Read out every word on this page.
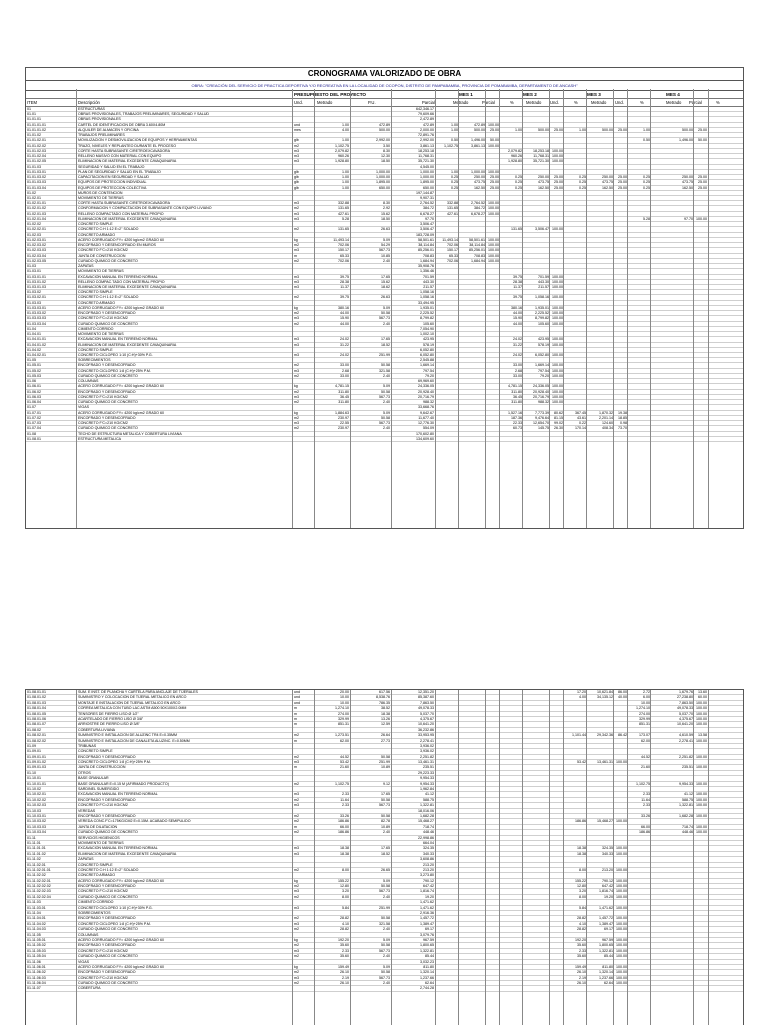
CRONOGRAMA VALORIZADO DE OBRA
OBRA: "CREACIÓN DEL SERVICIO DE PRACTICA DEPORTIVA Y/O RECREATIVA EN LA LOCALIDAD DE OCOPON, DISTRITO DE PAMPABAMBA, PROVINCIA DE POMABAMBA, DEPARTAMENTO DE ANCASH"
PRESUPUESTO DEL PROYECTO	MES 1	MES 2	MES 3	MES 4
ITEM	Descripción	Und.	Metrado	P.U.	Parcial	Metrado	Parcial	%	Metrado Und.	%	Metrado Und.	%	Metrado Parcial	%
01	ESTRUCTURAS	642,346.17
01.01	OBRAS PROVISIONALES, TRABAJOS PRELIMINARES, SEGURIDAD Y SALUD	79,609.66
01.01.01	OBRAS PROVISIONALES	2,472.89
01.01.01.01	CARTEL DE IDENTIFICACION DE OBRA 3.60X4.80M	und	1.00	472.89	472.89	1.00	472.89 100.00
01.01.01.02	ALQUILER DE ALMACEN Y OFICINA	mes	4.00	500.00	2,000.00	1.00	500.00	25.00	1.00	500.00	25.00	1.00	500.00	25.00	1.00	500.00	25.00
01.01.02	TRABAJOS PRELIMINARES	72,891.76
01.01.02.01	MOVILIZACION Y DESMOVILIZACION DE EQUIPOS Y HERRAMIENTAS	glb	1.00	2,992.00	2,992.00	0.50	1,496.00	50.00	0.50	1,496.00	50.00
01.01.02.02	TRAZO, NIVELES Y REPLANTEO DURANTE EL PROCESO	m2	1,102.75	3.50	3,861.13	1,102.75	3,861.13 100.00
01.01.02.03	CORTE HASTA SUBRASANTE C/RETROEXCAVADORA	m3	2,079.82	8.30	18,253.18	2,079.82	18,253.18 100.00
01.01.02.04	RELLENO MASIVO CON MATERIAL CON EQUIPO	m3	960.26	12.30	11,768.31	960.26	11,768.31 100.00
01.01.02.05	ELIMINACION DE MATERIAL EXCEDENTE C/MAQUINARIA	m3	1,928.80	18.50	35,721.30	1,928.80	35,721.30 100.00
01.01.03	SEGURIDAD Y SALUD EN EL TRABAJO	4,545.00
01.01.03.01	PLAN DE SEGURIDAD Y SALUD EN EL TRABAJO	glb	1.00	1,000.00	1,000.00	1.00	1,000.00 100.00
01.01.03.02	CAPACITACION EN SEGURIDAD Y SALUD	glb	1.00	1,000.00	1,000.00	0.25	250.00	25.00	0.25	250.00	25.00	0.25	250.00	25.00	0.25	250.00	25.00
01.01.03.03	EQUIPOS DE PROTECCION INDIVIDUAL	glb	1.00	1,895.00	1,895.00	0.25	473.75	25.00	0.25	473.75	25.00	0.25	473.75	25.00	0.25	473.75	25.00
01.01.03.04	EQUIPOS DE PROTECCION COLECTIVA	glb	1.00	650.00	650.00	0.25	162.50	25.00	0.25	162.50	25.00	0.25	162.50	25.00	0.25	162.50	25.00
01.02	MUROS DE CONTENCION	197,144.87
01.02.01	MOVIMIENTO DE TIERRAS	9,907.31
01.02.01.01	CORTE HASTA SUBRASANTE C/RETROEXCAVADORA	m3	332.88	8.30	2,764.52	332.88	2,764.52 100.00
01.02.01.02	CONFORMACION Y COMPACTACION DE SUBRASANTE CON EQUIPO LIVIANO	m2	131.65	2.92	384.72	131.65	384.72 100.00
01.02.01.03	RELLENO COMPACTADO CON MATERIAL PROPIO	m3	427.61	15.62	6,678.27	427.61	6,678.27 100.00
01.02.01.04	ELIMINACION DE MATERIAL EXCEDENTE C/MAQUINARIA	m3	5.28	18.50	97.70	5.28	97.70 100.00
01.02.02	CONCRETO SIMPLE	3,506.47
01.02.02.01	CONCRETO C:H 1:12 E=2" SOLADO	m2	131.65	26.63	3,506.47	131.65	3,506.47 100.00
01.02.03	CONCRETO ARMADO	183,728.09
01.02.03.01	ACERO CORRUGADO FY= 4200 kg/cm2 GRADO 60	kg	11,493.14	5.09	58,501.61	11,493.14	58,501.61 100.00
01.02.03.02	ENCOFRADO Y DESENCOFRADO EN MUROS	m2	702.06	54.29	38,114.84	702.06	38,114.84 100.00
01.02.03.03	CONCRETO F'C=210 KG/CM2	m3	150.17	567.73	85,256.01	150.17	85,256.01 100.00
01.02.03.04	JUNTA DE CONSTRUCCION	m	65.33	10.85	708.83	65.33	708.83 100.00
01.02.03.05	CURADO QUIMICO DE CONCRETO	m2	702.06	2.40	1,684.94	702.06	1,684.94 100.00
01.03	ZAPATAS	35,908.76
01.03.01	MOVIMIENTO DE TIERRAS	1,356.46
01.03.01.01	EXCAVACION MANUAL EN TERRENO NORMAL	m3	39.75	17.65	701.59	39.75	701.59 100.00
01.03.01.02	RELLENO COMPAC.TADO CON MATERIAL PROPIO	m3	28.38	15.62	443.30	28.38	443.30 100.00
01.03.01.03	ELIMINACION DE MATERIAL EXCEDENTE C/MAQUINARIA	m3	11.37	18.62	211.57	11.37	211.57 100.00
01.03.02	CONCRETO SIMPLE	1,058.16
01.03.02.01	CONCRETO C:H 1:12 E=2" SOLADO	m2	39.75	26.63	1,058.16	39.75	1,058.16 100.00
01.03.03	CONCRETO ARMADO	33,494.95
01.03.03.01	ACERO CORRUGADO FY= 4200 kg/cm2 GRADO 60	kg	380.16	5.09	1,935.01	380.16	1,935.01 100.00
01.03.03.02	ENCOFRADO Y DESENCOFRADO	m2	44.00	50.58	2,225.52	44.00	2,225.52 100.00
01.03.03.03	CONCRETO F'C=210 KG/CM2	m3	15.90	567.73	8,799.82	15.90	8,799.82 100.00
01.03.03.04	CURADO QUIMICO DE CONCRETO	m2	44.00	2.40	105.60	44.00	105.60 100.00
01.04	CIMIENTO CORRIDO	7,054.90
01.04.01	MOVIMIENTO DE TIERRAS	1,002.10
01.04.01.01	EXCAVACION MANUAL EN TERRENO NORMAL	m3	24.02	17.65	423.95	24.02	423.95 100.00
01.04.01.02	ELIMINACION DE MATERIAL EXCEDENTE C/MAQUINARIA	m3	31.22	18.52	578.19	31.22	578.19 100.00
01.04.02	CONCRETO SIMPLE	6,052.80
01.04.02.01	CONCRETO CICLOPEO 1:10 (C:H)+30% P.G.	m3	24.02	251.99	6,052.80	24.02	6,052.80 100.00
01.05	SOBRECIMIENTOS	2,545.88
01.05.01	ENCOFRADO Y DESENCOFRADO	m2	33.00	50.58	1,669.14	33.00	1,669.14 100.00
01.05.02	CONCRETO CICLOPEO 1:8 (C:H)+25% P.M.	m3	2.68	321.58	797.54	2.68	797.54 100.00
01.05.03	CURADO QUIMICO DE CONCRETO	m2	33.00	2.40	79.20	33.00	79.20 100.00
01.06	COLUMNAS	69,969.60
01.06.01	ACERO CORRUGADO FY= 4200 kg/cm2 GRADO 60	kg	4,781.15	5.09	24,336.05	4,781.15	24,336.05 100.00
01.06.02	ENCOFRADO Y DESENCOFRADO	m2	311.80	50.58	20,928.40	311.80	20,928.40 100.00
01.06.03	CONCRETO F'C=210 KG/CM2	m3	36.45	567.73	20,716.79	36.45	20,716.79 100.00
01.06.04	CURADO QUIMICO DE CONCRETO	m2	311.80	2.40	988.32	311.80	988.32 100.00
01.07	VIGAS	33,668.76
01.07.01	ACERO CORRUGADO FY= 4200 kg/cm2 GRADO 60	kg	1,884.63	5.09	9,642.67	1,527.16	7,773.39	80.62	367.45	1,870.32	19.38
01.07.02	ENCOFRADO Y DESENCOFRADO	m2	230.97	50.58	11,677.40	187.36	9,476.64	81.15	43.61	2,201.14	18.85
01.07.03	CONCRETO F'C=210 KG/CM2	m3	22.55	567.73	12,776.30	22.33	12,654.70	99.02	0.22	124.60	0.98
01.07.04	CURADO QUIMICO DE CONCRETO	m2	230.97	2.40	554.09	60.73	145.75	26.30	170.14	408.34	73.70
01.08	TECHO DE ESTRUCTURA METALICA Y COBERTURA LIVIANA	170,602.80
01.08.01	ESTRUCTURA METALICA	134,609.60
01.08.01.01	SUM. E INST. DE PLANCHA Y CARTELA PARA ANCLAJE DE TIJERALES	und	20.00	617.56	12,351.20	17.20	10,621.84	86.00	2.72	1,679.76	13.60
01.08.01.02	SUMINISTRO Y COLOCACION DE TIJERAL METALICO EN ARCO	und	10.00	8,538.76	85,387.60	4.00	34,135.12	40.00	6.00	27,238.80	60.00
01.08.01.03	MONTAJE E INSTALACION DE TIJERAL METALICO EN ARCO	und	10.00	786.35	7,863.50	10.00	7,863.50 100.00
01.08.01.04	CORREA METALICA CON TUBO LAC ASTM A500 50X100X2.0MM	m	1,274.10	38.52	49,078.33	1,274.10	49,078.33 100.00
01.08.01.05	TENSORES DE FIERRO LISO Ø 1/2"	m	274.00	18.38	5,037.70	274.00	5,037.70 100.00
01.08.01.06	ACARTELADO DE FIERRO LISO Ø 3/8"	m	329.99	13.26	4,375.67	329.99	4,375.67 100.00
01.08.01.07	ARRIOSTRE DE FIERRO LISO Ø 3/8"	m	851.31	12.59	10,641.20	851.31	10,641.20 100.00
01.08.02	COBERTURA LIVIANA	36,232.86
01.08.02.01	SUMINISTRO E INSTALACION DE ALUZINC TR4 E=0.35MM	m2	1,273.51	26.64	33,953.95	1,101.44	29,342.36	86.42	173.07	4,610.59	13.58
01.08.02.02	SUMINISTRO E INSTALACION DE CANALETA ALUZINC. E=0.50MM	m	62.00	27.73	2,278.41	62.00	2,278.41 100.00
01.09	TRIBUNAS	3,936.02
01.09.01	CONCRETO SIMPLE	3,936.02
01.09.01.01	ENCOFRADO Y DESENCOFRADO	m2	44.52	50.58	2,251.82	44.52	2,251.82 100.00
01.09.01.02	CONCRETO CICLOPEO 1:8 (C:H)+25% P.M.	m3	53.42	251.99	13,461.31	53.42	13,461.31 100.00
01.09.01.03	JUNTA DE CONSTRUCCION	m	21.60	10.89	235.51	21.60	235.51 100.00
01.10	OTROS	29,223.33
01.10.01	BASE GRANULAR	9,954.33
01.10.01.01	BASE GRANULAR E=0.15 M (AFIRMADO PRODUCTO)	m2	1,102.75	9.12	9,954.33	1,102.75	9,954.33 100.00
01.10.02	SARDINEL SUMERGIDO	1,962.84
01.10.02.01	EXCAVACION MANUAL EN TERRENO NORMAL	m3	2.33	17.65	41.12	2.33	41.12 100.00
01.10.02.02	ENCOFRADO Y DESENCOFRADO	m2	11.64	50.58	588.75	11.64	588.75 100.00
01.10.02.03	CONCRETO F'C=210 KG/CM2	m3	2.33	567.73	1,322.81	2.33	1,322.81 100.00
01.10.03	VEREDAS	18,016.06
01.10.03.01	ENCOFRADO Y DESENCOFRADO	m2	33.26	50.58	1,682.28	33.26	1,682.28 100.00
01.10.03.02	VEREDA CONC.F'C=175KG/CM2 E=0.15M. ACABADO SEMIPULIDO	m2	186.86	82.78	15,468.27	186.86	15,468.27 100.00
01.10.03.03	JUNTA DE DILATACION	m	66.00	10.89	718.74	66.00	718.74 100.00
01.10.03.04	CURADO QUIMICO DE CONCRETO	m2	186.86	2.40	448.46	186.86	448.46 100.00
01.11	SERVICIOS HIGIENICOS	22,998.86
01.11.01	MOVIMIENTO DE TIERRAS	664.04
01.11.01.01	EXCAVACION MANUAL EN TERRENO NORMAL	m3	18.38	17.65	324.35	18.38	324.35 100.00
01.11.01.02	ELIMINACION DE MATERIAL EXCEDENTE C/MAQUINARIA	m3	18.38	18.52	340.33	18.38	340.33 100.00
01.11.02	ZAPATAS	3,608.86
01.11.02.01	CONCRETO SIMPLE	213.20
01.11.02.01.01	CONCRETO C:H 1:12 E=2" SOLADO	m2	8.00	26.65	213.20	8.00	213.20 100.00
01.11.02.02	CONCRETO ARMADO	3,273.80
01.11.02.02.01	ACERO CORRUGADO FY= 4200 kg/cm2 GRADO 60	kg	155.22	5.09	790.12	155.22	790.12 100.00
01.11.02.02.02	ENCOFRADO Y DESENCOFRADO	m2	12.80	50.58	647.42	12.80	647.42 100.00
01.11.02.02.03	CONCRETO F'C=210 KG/CM2	m3	3.20	567.73	1,816.74	3.20	1,816.74 100.00
01.11.02.02.04	CURADO QUIMICO DE CONCRETO	m2	8.00	2.40	19.20	8.00	19.20 100.00
01.11.03	CIMIENTO CORRIDO	1,471.62
01.11.03.01	CONCRETO CICLOPEO 1:10 (C:H)+30% P.G.	m3	5.84	251.99	1,471.62	5.84	1,471.62 100.00
01.11.04	SOBRECIMIENTOS	2,916.36
01.11.04.01	ENCOFRADO Y DESENCOFRADO	m2	28.82	50.58	1,457.72	28.82	1,457.72 100.00
01.11.04.02	CONCRETO CICLOPEO 1:8 (C:H)+25% P.M.	m3	4.10	321.58	1,389.47	4.10	1,389.47 100.00
01.11.04.03	CURADO QUIMICO DE CONCRETO	m2	28.82	2.40	69.17	28.82	69.17 100.00
01.11.05	COLUMNAS	3,079.76
01.11.05.01	ACERO CORRUGADO FY= 4200 kg/cm2 GRADO 60	kg	192.20	5.09	967.59	192.20	967.59 100.00
01.11.05.02	ENCOFRADO Y DESENCOFRADO	m2	35.60	50.58	1,800.65	35.60	1,800.65 100.00
01.11.05.03	CONCRETO F'C=210 KG/CM2	m3	2.33	567.73	1,322.81	2.33	1,322.81 100.00
01.11.05.04	CURADO QUIMICO DE CONCRETO	m2	35.60	2.40	85.44	35.60	85.44 100.00
01.11.06	VIGAS	3,032.23
01.11.06.01	ACERO CORRUGADO FY= 4200 kg/cm2 GRADO 60	kg	159.49	5.09	811.80	159.49	811.80 100.00
01.11.06.02	ENCOFRADO Y DESENCOFRADO	m2	26.10	50.58	1,320.14	26.10	1,320.14 100.00
01.11.06.03	CONCRETO F'C=210 KG/CM2	m3	2.19	567.73	1,237.66	2.19	1,237.66 100.00
01.11.06.04	CURADO QUIMICO DE CONCRETO	m2	26.10	2.40	62.64	26.10	62.64 100.00
01.11.07	COBERTURA	2,744.28
